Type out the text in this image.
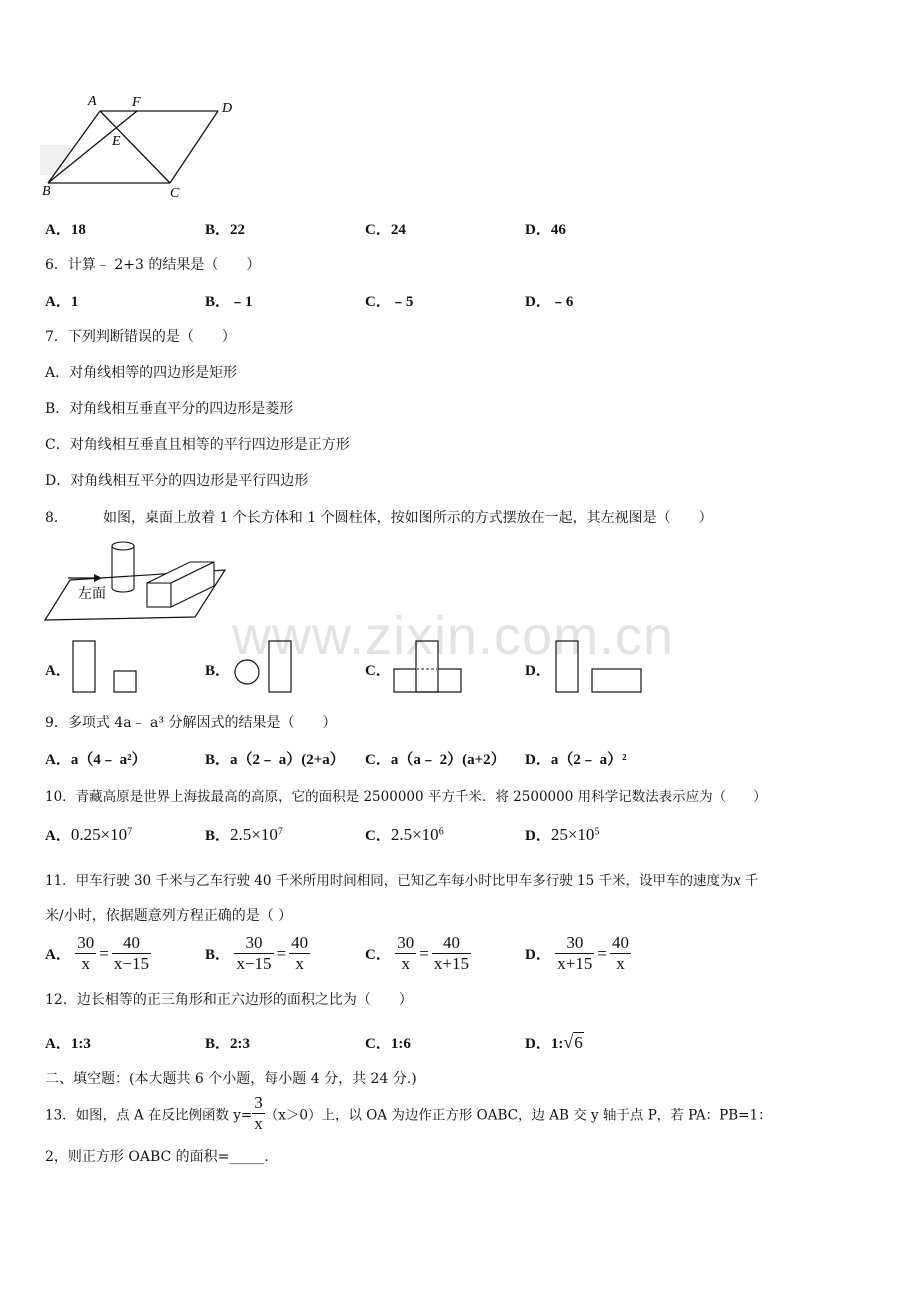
A	F	D
E
B	C
A．18	B．22	C．24	D．46
6．计算﹣ 2+3 的结果是（　　）
A．1	B．﹣1	C．﹣5	D．﹣6
7．下列判断错误的是（　　）
A．对角线相等的四边形是矩形
B．对角线相互垂直平分的四边形是菱形
C．对角线相互垂直且相等的平行四边形是正方形
D．对角线相互平分的四边形是平行四边形
8．	如图，桌面上放着 1 个长方体和 1 个圆柱体，按如图所示的方式摆放在一起，其左视图是（　　）
左面
www.zixin.com.cn
A．	B．	C．	D．
9．多项式 4a﹣ a³ 分解因式的结果是（　　）
A．a（4﹣ a²）	B．a（2﹣ a）(2+a） C．a（a﹣ 2）(a+2） D．a（2﹣ a）²
10．青藏高原是世界上海拔最高的高原，它的面积是 2500000 平方千米．将 2500000 用科学记数法表示应为（　　）
A．$0.25\times 10^7$	B．$2.5\times 10^7$	C．$2.5\times 10^6$	D．$25\times 10^5$
11．甲车行驶 30 千米与乙车行驶 40 千米所用时间相同，已知乙车每小时比甲车多行驶 15 千米，设甲车的速度为x 千
米/小时，依据题意列方程正确的是（ ）
A． $\frac{30}{x} = \frac{40}{x-15}$	B． $\frac{30}{x-15} = \frac{40}{x}$	C． $\frac{30}{x} = \frac{40}{x+15}$	D． $\frac{30}{x+15} = \frac{40}{x}$
12．边长相等的正三角形和正六边形的面积之比为（　　）
A．1:3	B．2:3	C．1:6	D．1:√6
二、填空题：(本大题共 6 个小题，每小题 4 分，共 24 分.)
13．如图，点 A 在反比例函数 $y= \frac{3}{x} (x>0)$上，以 OA 为边作正方形 OABC，边 AB 交 y 轴于点 P，若 PA：PB=1：
2，则正方形 OABC 的面积=_____.
